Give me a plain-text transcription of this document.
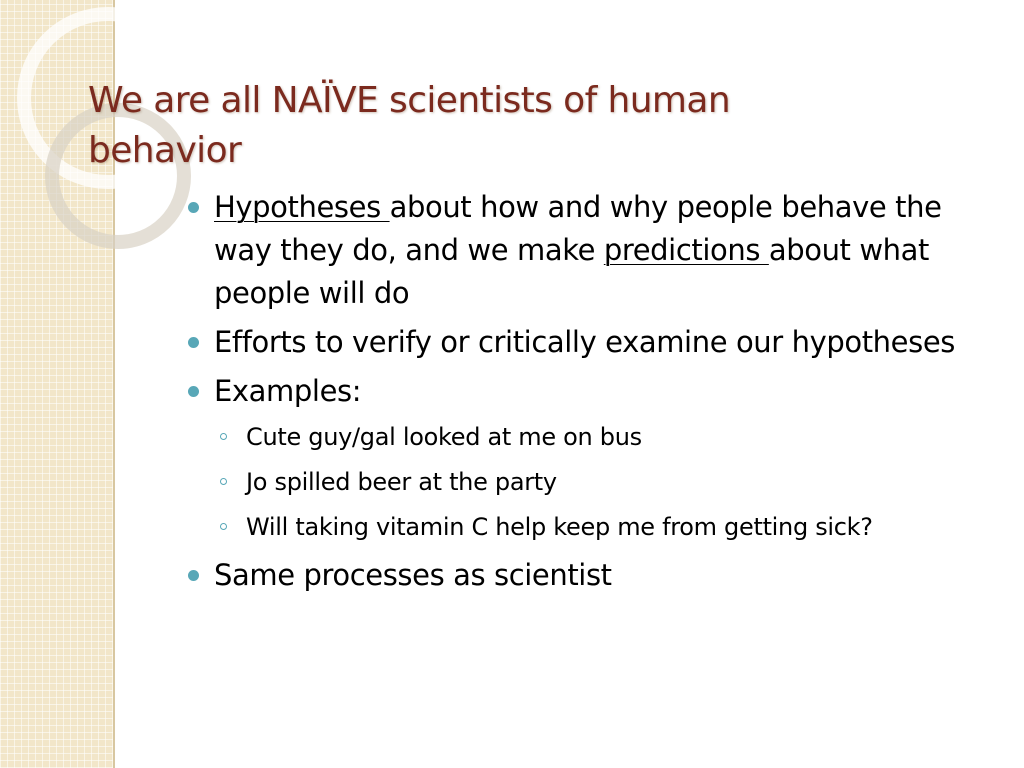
We are all NAÏVE scientists of human behavior
Hypotheses about how and why people behave the way they do, and we make predictions about what people will do
Efforts to verify or critically examine our hypotheses
Examples:
Cute guy/gal looked at me on bus
Jo spilled beer at the party
Will taking vitamin C help keep me from getting sick?
Same processes as scientist
